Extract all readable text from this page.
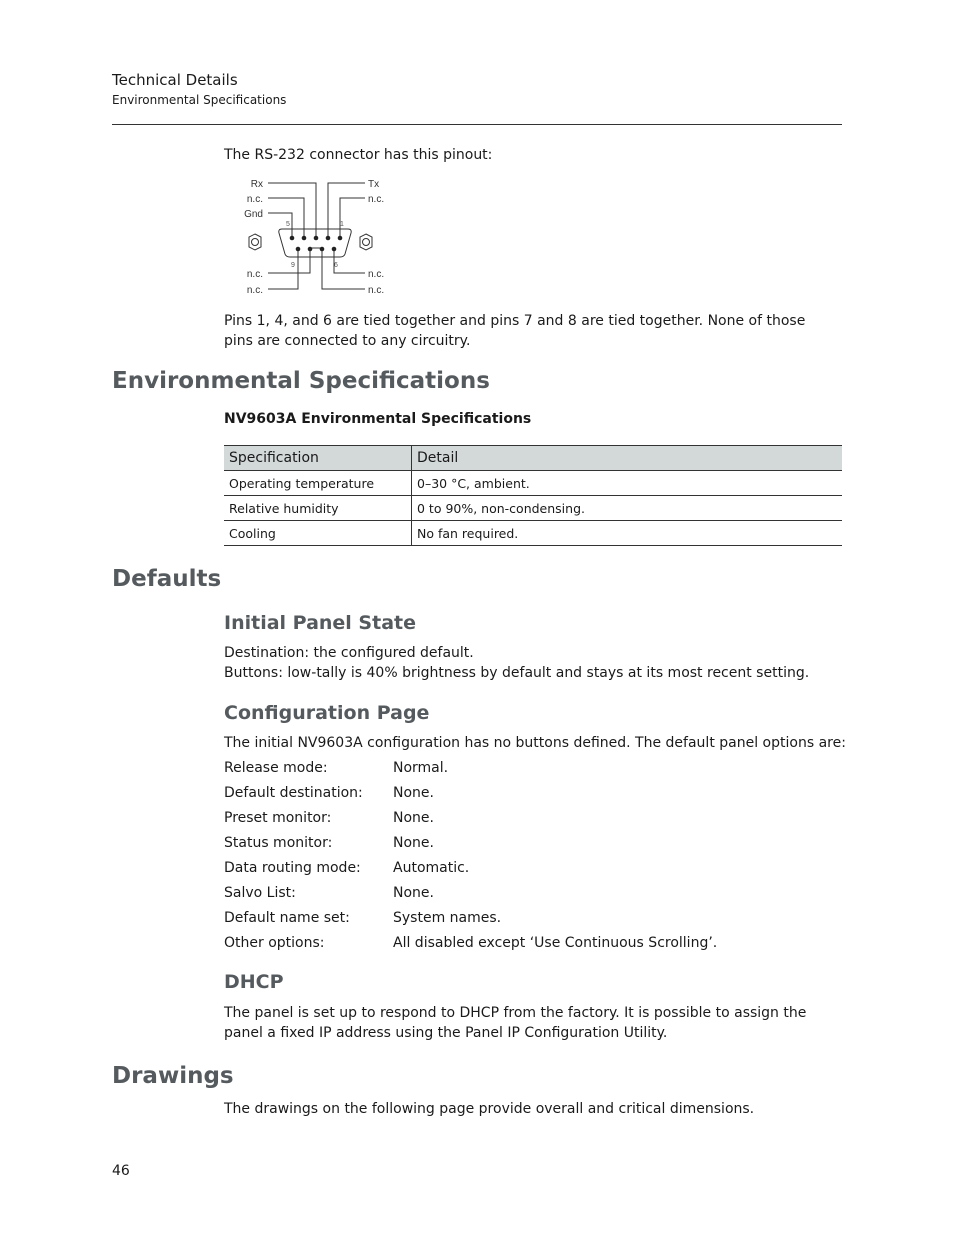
Technical Details
Environmental Specifications
The RS-232 connector has this pinout:
Rx
n.c.
Gnd
Tx
n.c.
n.c.
n.c.
n.c.
n.c.
5	1
9	6
Pins 1, 4, and 6 are tied together and pins 7 and 8 are tied together. None of those pins are connected to any circuitry.
Environmental Specifications
NV9603A Environmental Specifications
Specification	Detail
Operating temperature	0–30 °C, ambient.
Relative humidity	0 to 90%, non-condensing.
Cooling	No fan required.
Defaults
Initial Panel State
Destination: the configured default.
Buttons: low-tally is 40% brightness by default and stays at its most recent setting.
Configuration Page
The initial NV9603A configuration has no buttons defined. The default panel options are:
Release mode:	Normal.
Default destination: None.
Preset monitor:	None.
Status monitor:	None.
Data routing mode: Automatic.
Salvo List:	None.
Default name set:	System names.
Other options:	All disabled except ‘Use Continuous Scrolling’.
DHCP
The panel is set up to respond to DHCP from the factory. It is possible to assign the panel a fixed IP address using the Panel IP Configuration Utility.
Drawings
The drawings on the following page provide overall and critical dimensions.
46
